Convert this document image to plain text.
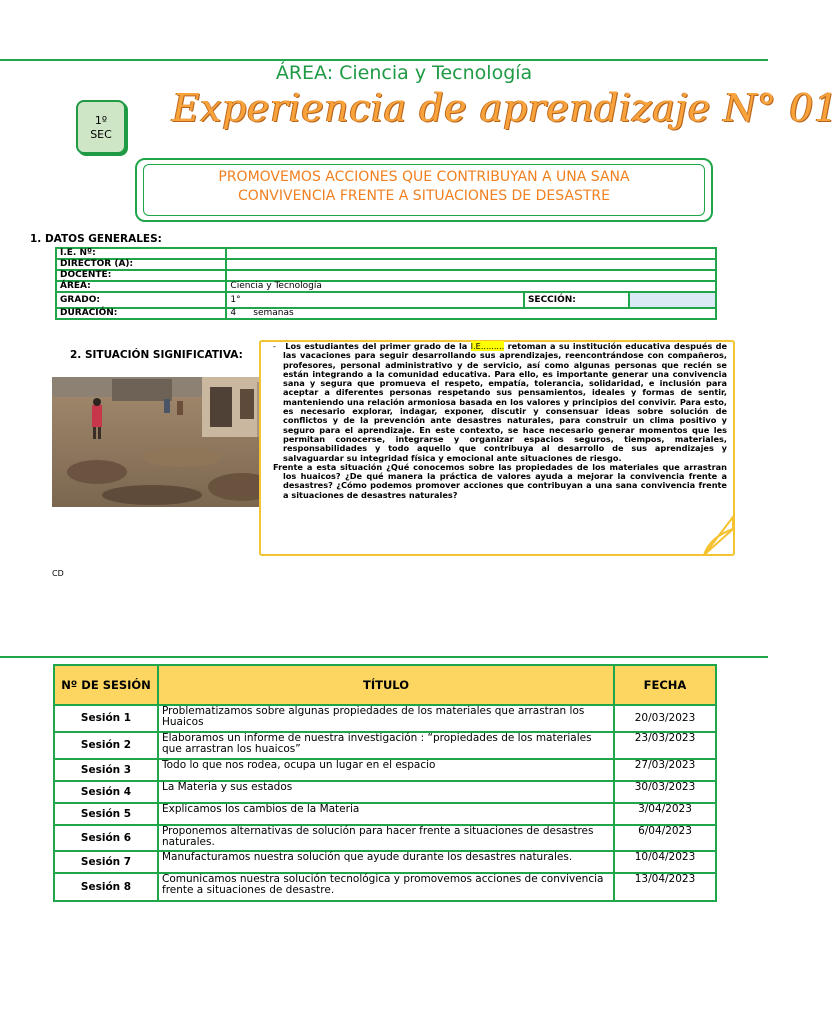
ÁREA: Ciencia y Tecnología
1º
SEC
Experiencia de aprendizaje N° 01
PROMOVEMOS ACCIONES QUE CONTRIBUYAN A UNA SANA
CONVIVENCIA FRENTE A SITUACIONES DE DESASTRE
1. DATOS GENERALES:
I.E. Nº:			
DIRECTOR (A):			
DOCENTE:			
ÁREA:	Ciencia y Tecnología		
GRADO:	1°	SECCIÓN:	
DURACIÓN:	4      semanas		
2. SITUACIÓN SIGNIFICATIVA:

- Los estudiantes del primer grado de la I.E......... retoman a su institución educativa después de las vacaciones para seguir desarrollando sus aprendizajes, reencontrándose con compañeros, profesores, personal administrativo y de servicio, así como algunas personas que recién se están integrando a la comunidad educativa. Para ello, es importante generar una convivencia sana y segura que promueva el respeto, empatía, tolerancia, solidaridad, e inclusión para aceptar a diferentes personas respetando sus pensamientos, ideales y formas de sentir, manteniendo una relación armoniosa basada en los valores y principios del convivir. Para esto, es necesario explorar, indagar, exponer, discutir y consensuar ideas sobre solución de conflictos y de la prevención ante desastres naturales, para construir un clima positivo y seguro para el aprendizaje. En este contexto, se hace necesario generar momentos que les permitan conocerse, integrarse y organizar espacios seguros, tiempos, materiales, responsabilidades y todo aquello que contribuya al desarrollo de sus aprendizajes y salvaguardar su integridad física y emocional ante situaciones de riesgo.

Frente a esta situación ¿Qué conocemos sobre las propiedades de los materiales que arrastran los huaicos? ¿De qué manera la práctica de valores ayuda a mejorar la convivencia frente a desastres? ¿Cómo podemos promover acciones que contribuyan a una sana convivencia frente a situaciones de desastres naturales?

CD
Nº DE SESIÓN	TÍTULO	FECHA
Sesión 1	Problematizamos sobre algunas propiedades de los materiales que arrastran los Huaicos	20/03/2023
Sesión 2	Elaboramos un informe de nuestra investigación : “propiedades de los materiales que arrastran los huaicos”	23/03/2023
Sesión 3	Todo lo que nos rodea, ocupa un lugar en el espacio	27/03/2023
Sesión 4	La Materia y sus estados	30/03/2023
Sesión 5	Explicamos los cambios de la Materia	3/04/2023
Sesión 6	Proponemos alternativas de solución para hacer frente a situaciones de desastres naturales.	6/04/2023
Sesión 7	Manufacturamos nuestra solución que ayude durante los desastres naturales.	10/04/2023
Sesión 8	Comunicamos nuestra solución tecnológica y promovemos acciones de convivencia frente a situaciones de desastre.	13/04/2023
